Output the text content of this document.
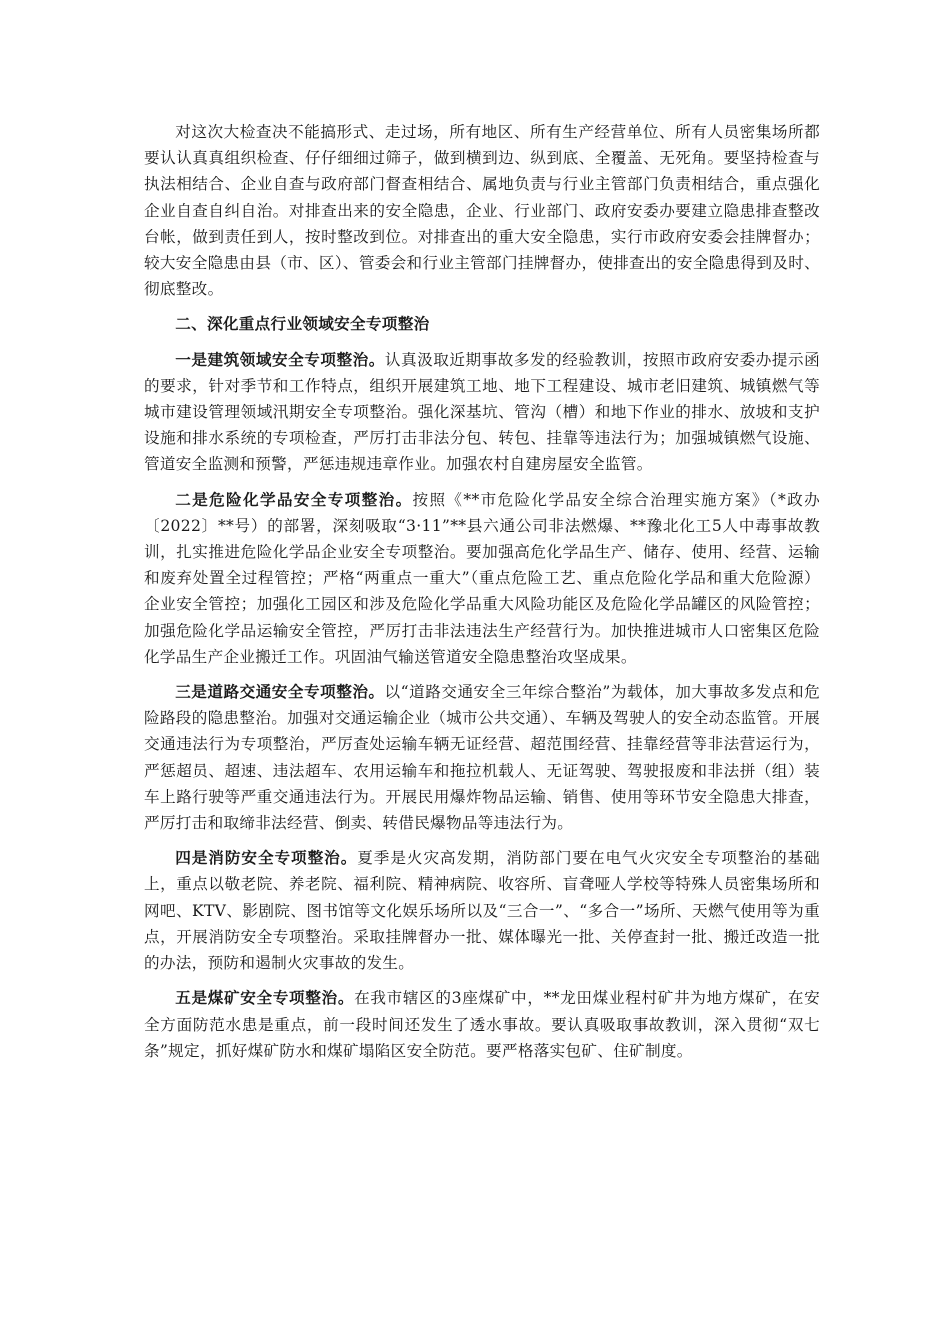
对这次大检查决不能搞形式、走过场，所有地区、所有生产经营单位、所有人员密集场所都要认认真真组织检查、仔仔细细过筛子，做到横到边、纵到底、全覆盖、无死角。要坚持检查与执法相结合、企业自查与政府部门督查相结合、属地负责与行业主管部门负责相结合，重点强化企业自查自纠自治。对排查出来的安全隐患，企业、行业部门、政府安委办要建立隐患排查整改台帐，做到责任到人，按时整改到位。对排查出的重大安全隐患，实行市政府安委会挂牌督办；较大安全隐患由县（市、区）、管委会和行业主管部门挂牌督办，使排查出的安全隐患得到及时、彻底整改。

二、深化重点行业领域安全专项整治

一是建筑领域安全专项整治。认真汲取近期事故多发的经验教训，按照市政府安委办提示函的要求，针对季节和工作特点，组织开展建筑工地、地下工程建设、城市老旧建筑、城镇燃气等城市建设管理领域汛期安全专项整治。强化深基坑、管沟（槽）和地下作业的排水、放坡和支护设施和排水系统的专项检查，严厉打击非法分包、转包、挂靠等违法行为；加强城镇燃气设施、管道安全监测和预警，严惩违规违章作业。加强农村自建房屋安全监管。

二是危险化学品安全专项整治。按照《**市危险化学品安全综合治理实施方案》（*政办〔2022〕**号）的部署，深刻吸取“3·11”**县六通公司非法燃爆、**豫北化工5人中毒事故教训，扎实推进危险化学品企业安全专项整治。要加强高危化学品生产、储存、使用、经营、运输和废弃处置全过程管控；严格“两重点一重大”（重点危险工艺、重点危险化学品和重大危险源）企业安全管控；加强化工园区和涉及危险化学品重大风险功能区及危险化学品罐区的风险管控；加强危险化学品运输安全管控，严厉打击非法违法生产经营行为。加快推进城市人口密集区危险化学品生产企业搬迁工作。巩固油气输送管道安全隐患整治攻坚成果。

三是道路交通安全专项整治。以“道路交通安全三年综合整治”为载体，加大事故多发点和危险路段的隐患整治。加强对交通运输企业（城市公共交通）、车辆及驾驶人的安全动态监管。开展交通违法行为专项整治，严厉查处运输车辆无证经营、超范围经营、挂靠经营等非法营运行为，严惩超员、超速、违法超车、农用运输车和拖拉机载人、无证驾驶、驾驶报废和非法拼（组）装车上路行驶等严重交通违法行为。开展民用爆炸物品运输、销售、使用等环节安全隐患大排查，严厉打击和取缔非法经营、倒卖、转借民爆物品等违法行为。

四是消防安全专项整治。夏季是火灾高发期，消防部门要在电气火灾安全专项整治的基础上，重点以敬老院、养老院、福利院、精神病院、收容所、盲聋哑人学校等特殊人员密集场所和网吧、KTV、影剧院、图书馆等文化娱乐场所以及“三合一”、“多合一”场所、天燃气使用等为重点，开展消防安全专项整治。采取挂牌督办一批、媒体曝光一批、关停查封一批、搬迁改造一批的办法，预防和遏制火灾事故的发生。

五是煤矿安全专项整治。在我市辖区的3座煤矿中，**龙田煤业程村矿井为地方煤矿，在安全方面防范水患是重点，前一段时间还发生了透水事故。要认真吸取事故教训，深入贯彻“双七条”规定，抓好煤矿防水和煤矿塌陷区安全防范。要严格落实包矿、住矿制度。
